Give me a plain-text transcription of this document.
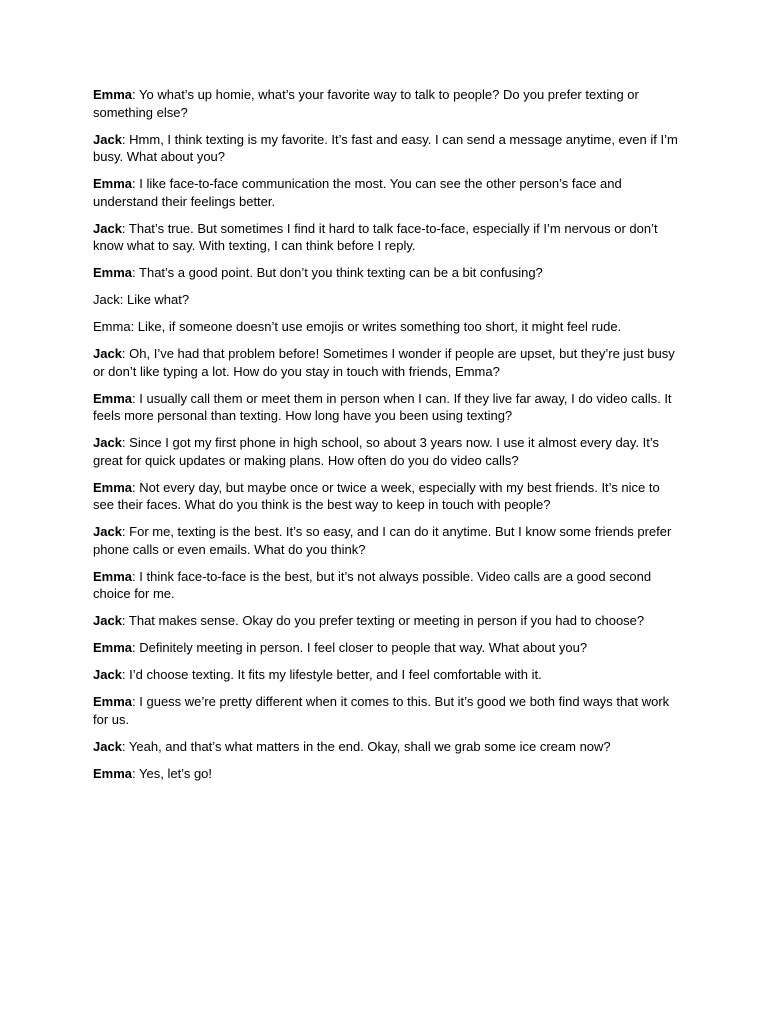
Emma: Yo what’s up homie, what’s your favorite way to talk to people? Do you prefer texting or something else?

Jack: Hmm, I think texting is my favorite. It’s fast and easy. I can send a message anytime, even if I’m busy. What about you?

Emma: I like face-to-face communication the most. You can see the other person’s face and understand their feelings better.

Jack: That’s true. But sometimes I find it hard to talk face-to-face, especially if I’m nervous or don’t know what to say. With texting, I can think before I reply.

Emma: That’s a good point. But don’t you think texting can be a bit confusing?

Jack: Like what?

Emma: Like, if someone doesn’t use emojis or writes something too short, it might feel rude.

Jack: Oh, I’ve had that problem before! Sometimes I wonder if people are upset, but they’re just busy or don’t like typing a lot. How do you stay in touch with friends, Emma?

Emma: I usually call them or meet them in person when I can. If they live far away, I do video calls. It feels more personal than texting. How long have you been using texting?

Jack: Since I got my first phone in high school, so about 3 years now. I use it almost every day. It’s great for quick updates or making plans. How often do you do video calls?

Emma: Not every day, but maybe once or twice a week, especially with my best friends. It’s nice to see their faces. What do you think is the best way to keep in touch with people?

Jack: For me, texting is the best. It’s so easy, and I can do it anytime. But I know some friends prefer phone calls or even emails. What do you think?

Emma: I think face-to-face is the best, but it’s not always possible. Video calls are a good second choice for me.

Jack: That makes sense. Okay do you prefer texting or meeting in person if you had to choose?

Emma: Definitely meeting in person. I feel closer to people that way. What about you?

Jack: I’d choose texting. It fits my lifestyle better, and I feel comfortable with it.

Emma: I guess we’re pretty different when it comes to this. But it’s good we both find ways that work for us.

Jack: Yeah, and that’s what matters in the end. Okay, shall we grab some ice cream now?

Emma: Yes, let’s go!
